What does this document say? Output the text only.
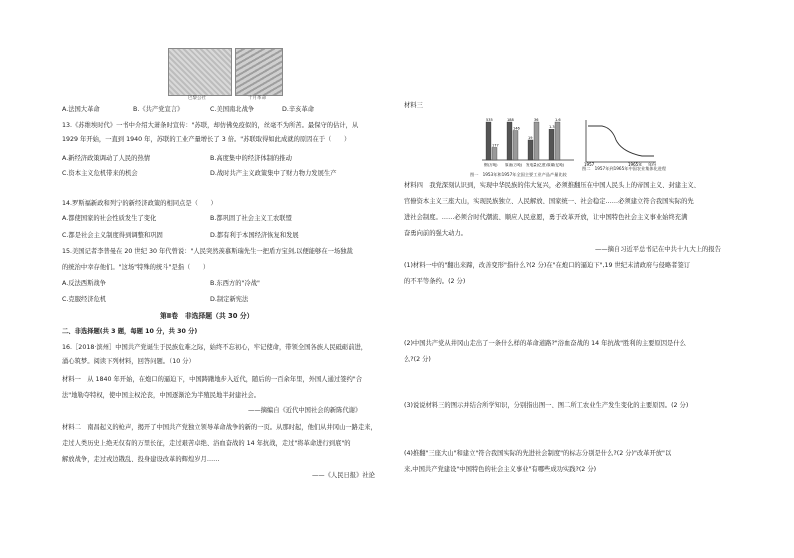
巴黎公社	十月革命
A.法国大革命	B.《共产党宣言》	C.美国南北战争	D.辛亥革命
13.《苏维埃时代》一书中介绍大萧条时宣传："苏联，却仿佛免疫似的，丝毫不为所苦。最保守的估计，从
1929 年开始，一直到 1940 年，苏联的工业产量增长了 3 倍。"苏联取得如此成就的原因在于（　　）
A.新经济政策调动了人民的热情	B.高度集中的经济体制的推动
C.资本主义危机带来的机会	D.战时共产主义政策集中了财力物力发展生产
14.罗斯福新政和列宁的新经济政策的相同点是（　　）
A.都使国家的社会性质发生了变化	B.都巩固了社会主义工农联盟
C.都是社会主义制度得到调整和巩固	D.都有利于本国经济恢复和发展
15.美国记者李普曼在 20 世纪 30 年代曾说："人民突然羡慕斯瑞先生一把盾方宝剑,以便能够在一场独裁
的统治中幸存他们。"这场"特殊的统斗"是指（　　）
A.反法西斯战争	B.东西方的"冷战"
C.克服经济危机	D.制定新宪法
第Ⅱ卷　非选择题（共 30 分）
二、非选择题(共 3 题，每题 10 分，共 30 分)
16.［2018·滨州］中国共产党诞生于民族危难之际，始终不忘初心，牢记使命，带领全国各族人民砥砺前进，
涌心筑梦。阅读下列材料，回答问题。（10 分）
材料一　从 1840 年开始，在炮口的逼迫下，中国踌躇地步入近代，随后的一百余年里，外国人通过签约"合
法"地勒夺特权，使中国主权沦丧，中国逐渐沦为半殖民地半封建社会。
——摘编自《近代中国社会的新陈代谢》
材料二　南昌起义的枪声，揭开了中国共产党独立领导革命战争的新的一页。从那时起，他们从井冈山一路走来，
走过人类历史上绝无仅有的万里长征，走过艰苦卓绝、浴血奋战的 14 年抗战，走过"将革命进行到底"的
解放战争，走过戎边戡乱、投身建设改革的辉煌岁月……
——《人民日报》社论
材料三
535
177
钢(万吨)
188
146
原油(万吨)
19
36
发电量(亿度)
1.3
1.6
原煤(亿吨)
图一　1953年和1957年全国主要工业产品产量比较
1957	1965年 年份
图二　1957年到1965年中国农业集体化进程
材料四　我党深刻认识到，实现中华民族的伟大复兴，必须推翻压在中国人民头上的帝国主义、封建主义、
官僚资本主义三座大山，实现民族独立、人民解放、国家统一、社会稳定……必须建立符合我国实际的先
进社会制度。……必须合时代潮流、顺应人民意愿，勇于改革开放，让中国特色社会主义事业始终充满
奋勇向前的强大动力。
——摘自习近平总书记在中共十九大上的报告
(1)材料一中的"翻出来蹄，改善变形"指什么?(2 分)在"在炮口的逼迫下",19 世纪末清政府与侵略者签订
的不平等条约。(2 分)
(2)中国共产党从井冈山走出了一条什么样的革命道路?"浴血奋战的 14 年抗战"胜利的主要原因是什么
么?(2 分)
(3)说说材料三的图示并结合所学知识，分别指出图一、图二所工农业生产发生变化的主要原因。(2 分)
(4)推翻"三座大山"和建立"符合我国实际的先进社会制度"的标志分别是什么?(2 分)"改革开放"以
来,中国共产党建设"中国特色的社会主义事业"有哪些成功实践?(2 分)
